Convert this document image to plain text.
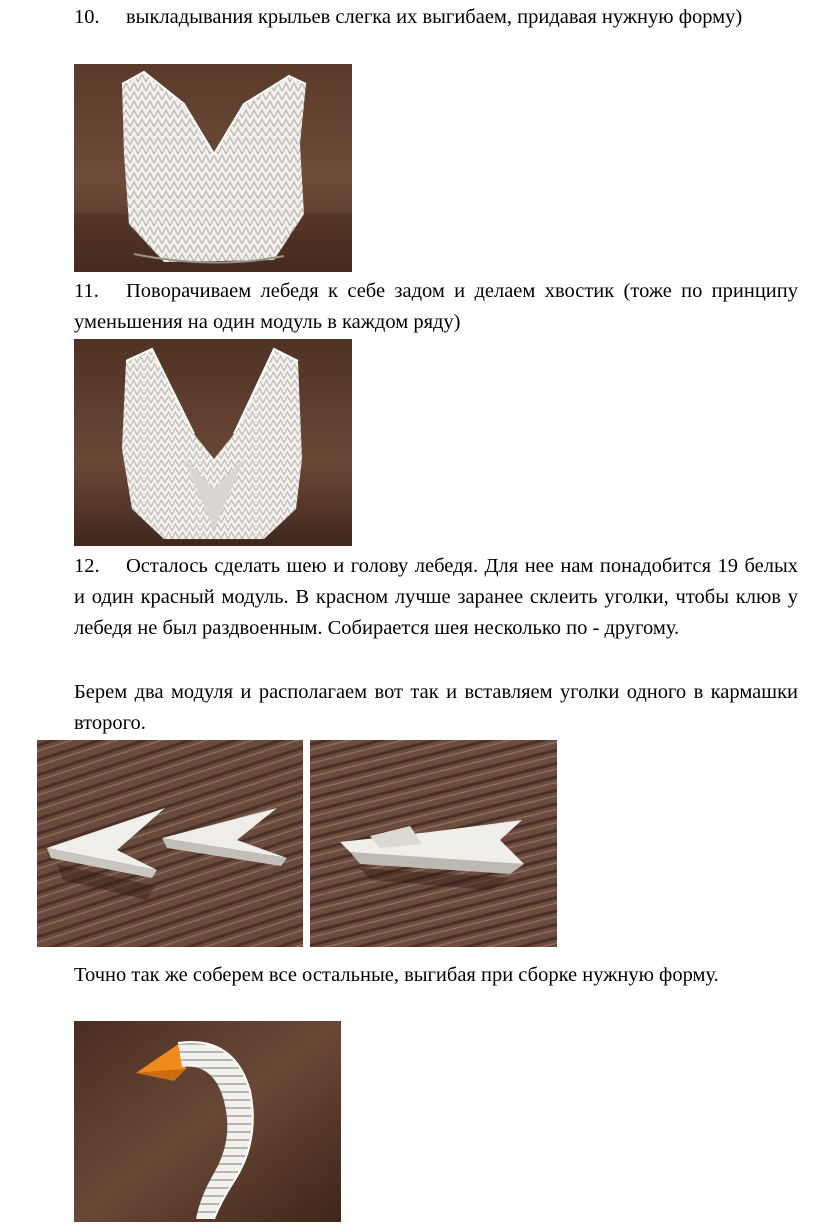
10. выкладывания крыльев слегка их выгибаем, придавая нужную форму)

11. Поворачиваем лебедя к себе задом и делаем хвостик (тоже по принципу уменьшения на один модуль в каждом ряду)

12. Осталось сделать шею и голову лебедя. Для нее нам понадобится 19 белых и один красный модуль. В красном лучше заранее склеить уголки, чтобы клюв у лебедя не был раздвоенным. Собирается шея несколько по - другому.

Берем два модуля и располагаем вот так и вставляем уголки одного в кармашки второго.

Точно так же соберем все остальные, выгибая при сборке нужную форму.
